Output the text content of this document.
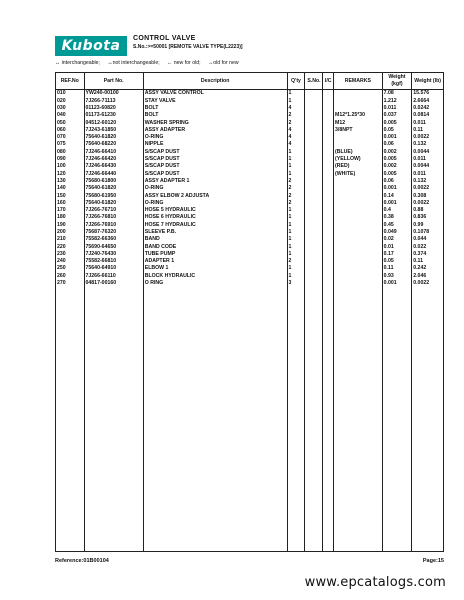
Kubota	CONTROL VALVE
S.No.:>=50001 [REMOTE VALVE TYPE(L2223)]
↔ interchangeable; ↔not interchangeable; ← new for old; →old for new
REF.No	Part No.	Description	Q'ty	S.No.	I/C	REMARKS	Weight (kgf)	Weight (lb)
010	YW240-00100	ASSY VALVE CONTROL	1				7.08	15.576
020	7J266-71113	STAY VALVE	1				1.212	2.6664
030	01123-60820	BOLT	4				0.011	0.0242
040	01173-61230	BOLT	2			M12*1.25*30	0.037	0.0814
050	04512-60120	WASHER SPRING	2			M12	0.005	0.011
060	7J243-61850	ASSY ADAPTER	4			3/8NPT	0.05	0.11
070	75640-61820	O-RING	4				0.001	0.0022
075	75640-68220	NIPPLE	4				0.06	0.132
080	7J246-66410	S/SCAP DUST	1			(BLUE)	0.002	0.0044
090	7J246-66420	S/SCAP DUST	1			(YELLOW)	0.005	0.011
100	7J246-66430	S/SCAP DUST	1			(RED)	0.002	0.0044
120	7J246-66440	S/SCAP DUST	1			(WHITE)	0.005	0.011
130	75680-61800	ASSY ADAPTER 1	2				0.06	0.132
140	75640-61820	O-RING	2				0.001	0.0022
150	75680-61950	ASSY ELBOW 2 ADJUSTA	2				0.14	0.308
160	75640-61820	O-RING	2				0.001	0.0022
170	7J266-76710	HOSE 5 HYDRAULIC	1				0.4	0.88
180	7J266-76810	HOSE 6 HYDRAULIC	1				0.38	0.836
190	7J266-76910	HOSE 7 HYDRAULIC	1				0.45	0.99
200	75687-76320	SLEEVE P.B.	1				0.049	0.1078
210	75582-66360	BAND	1				0.02	0.044
220	75690-64650	BAND CODE	1				0.01	0.022
230	7J240-76430	TUBE PUMP	1				0.17	0.374
240	75582-66810	ADAPTER 1	2				0.05	0.11
250	75640-64910	ELBOW 1	1				0.11	0.242
260	7J266-66110	BLOCK HYDRAULIC	1				0.93	2.046
270	04817-00160	O RING	3				0.001	0.0022

Reference:01B00104	Page:15
www.epcatalogs.com
